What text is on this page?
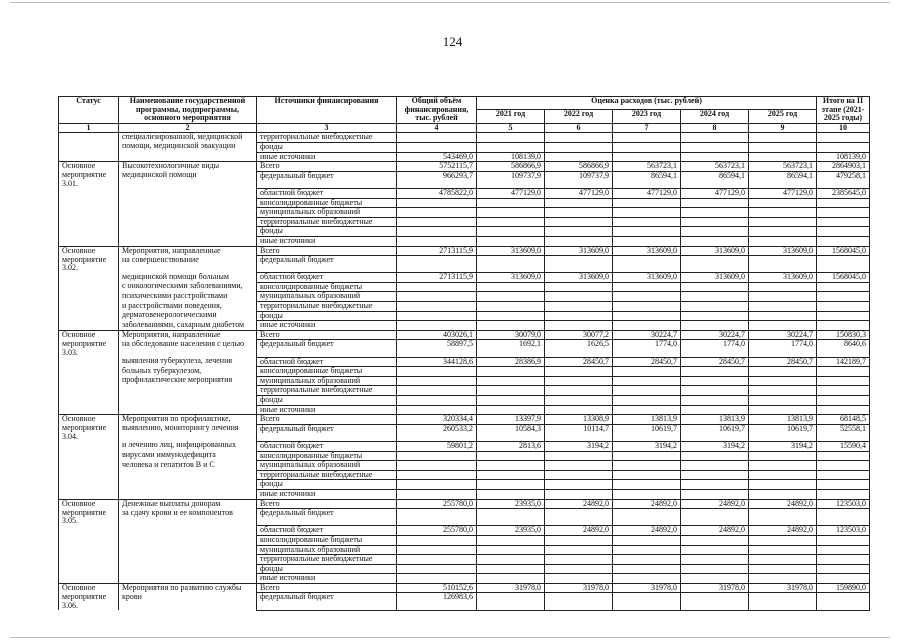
124
Статус	Наименование государственной программы, подпрограммы, основного мероприятия	Источники финансирования	Общий объём финансирования, тыс. рублей	Оценка расходов (тыс. рублей)					Итого на II этапе (2021-2025 годы)
				2021 год	2022 год	2023 год	2024 год	2025 год	
1	2	3	4	5	6	7	8	9	10
	специализированной, медицинской	территориальные внебюджетные							
	помощи, медицинской эвакуации	фонды							
		иные источники	543469,0	108139,0					108139,0
Основное	Высокотехнологичные виды	Всего	5752115,7	586866,9	586866,9	563723,1	563723,1	563723,1	2864903,1
мероприятие 3.01.	медицинской помощи	федеральный бюджет	966293,7	109737,9	109737,9	86594,1	86594,1	86594,1	479258,1
		областной бюджет	4785822,0	477129,0	477129,0	477129,0	477129,0	477129,0	2385645,0
		консолидированные бюджеты							
		муниципальных образований							
		территориальные внебюджетные							
		фонды							
		иные источники							
Основное	Мероприятия, направленные	Всего	2713115,9	313609,0	313609,0	313609,0	313609,0	313609,0	1568045,0
мероприятие 3.02.	на совершенствование	федеральный бюджет							
	медицинской помощи больным	областной бюджет	2713115,9	313609,0	313609,0	313609,0	313609,0	313609,0	1568045,0
	с онкологическими заболеваниями,	консолидированные бюджеты							
	психическими расстройствами	муниципальных образований							
	и расстройствами поведения,	территориальные внебюджетные							
	дерматовенерологическими	фонды							
	заболеваниями, сахарным диабетом	иные источники							
Основное	Мероприятия, направленные	Всего	403026,1	30079,0	30077,2	30224,7	30224,7	30224,7	150830,3
мероприятие 3.03.	на обследование населения с целью	федеральный бюджет	58897,5	1692,1	1626,5	1774,0	1774,0	1774,0	8640,6
	выявления туберкулеза, лечения	областной бюджет	344128,6	28386,9	28450,7	28450,7	28450,7	28450,7	142189,7
	больных туберкулезом,	консолидированные бюджеты							
	профилактические мероприятия	муниципальных образований							
		территориальные внебюджетные							
		фонды							
		иные источники							
Основное	Мероприятия по профилактике,	Всего	320334,4	13397,9	13308,9	13813,9	13813,9	13813,9	68148,5
мероприятие 3.04.	выявлению, мониторингу лечения	федеральный бюджет	260533,2	10584,3	10114,7	10619,7	10619,7	10619,7	52558,1
	и лечению лиц, инфицированных	областной бюджет	59801,2	2813,6	3194,2	3194,2	3194,2	3194,2	15590,4
	вирусами иммунодефицита	консолидированные бюджеты							
	человека и гепатитов В и С	муниципальных образований							
		территориальные внебюджетные							
		фонды							
		иные источники							
Основное	Денежные выплаты донорам	Всего	255780,0	23935,0	24892,0	24892,0	24892,0	24892,0	123503,0
мероприятие 3.05.	за сдачу крови и ее компонентов	федеральный бюджет							
		областной бюджет	255780,0	23935,0	24892,0	24892,0	24892,0	24892,0	123503,0
		консолидированные бюджеты							
		муниципальных образований							
		территориальные внебюджетные							
		фонды							
		иные источники							
Основное	Мероприятия по развитию службы	Всего	510152,6	31978,0	31978,0	31978,0	31978,0	31978,0	159890,0
мероприятие 3.06.	крови	федеральный бюджет	126983,6						
